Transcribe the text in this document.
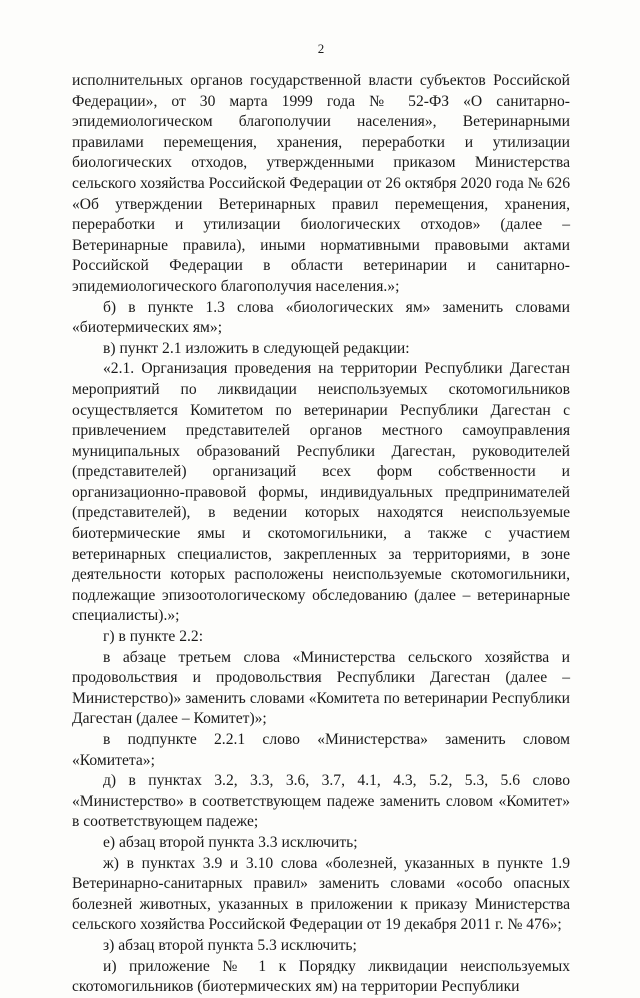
2

исполнительных органов государственной власти субъектов Российской Федерации», от 30 марта 1999 года № 52-ФЗ «О санитарно-эпидемиологическом благополучии населения», Ветеринарными правилами перемещения, хранения, переработки и утилизации биологических отходов, утвержденными приказом Министерства сельского хозяйства Российской Федерации от 26 октября 2020 года № 626 «Об утверждении Ветеринарных правил перемещения, хранения, переработки и утилизации биологических отходов» (далее – Ветеринарные правила), иными нормативными правовыми актами Российской Федерации в области ветеринарии и санитарно-эпидемиологического благополучия населения.»;

б) в пункте 1.3 слова «биологических ям» заменить словами «биотермических ям»;

в) пункт 2.1 изложить в следующей редакции:

«2.1. Организация проведения на территории Республики Дагестан мероприятий по ликвидации неиспользуемых скотомогильников осуществляется Комитетом по ветеринарии Республики Дагестан с привлечением представителей органов местного самоуправления муниципальных образований Республики Дагестан, руководителей (представителей) организаций всех форм собственности и организационно-правовой формы, индивидуальных предпринимателей (представителей), в ведении которых находятся неиспользуемые биотермические ямы и скотомогильники, а также с участием ветеринарных специалистов, закрепленных за территориями, в зоне деятельности которых расположены неиспользуемые скотомогильники, подлежащие эпизоотологическому обследованию (далее – ветеринарные специалисты).»;

г) в пункте 2.2:

в абзаце третьем слова «Министерства сельского хозяйства и продовольствия и продовольствия Республики Дагестан (далее – Министерство)» заменить словами «Комитета по ветеринарии Республики Дагестан (далее – Комитет)»;

в подпункте 2.2.1 слово «Министерства» заменить словом «Комитета»;

д) в пунктах 3.2, 3.3, 3.6, 3.7, 4.1, 4.3, 5.2, 5.3, 5.6 слово «Министерство» в соответствующем падеже заменить словом «Комитет» в соответствующем падеже;

е) абзац второй пункта 3.3 исключить;

ж) в пунктах 3.9 и 3.10 слова «болезней, указанных в пункте 1.9 Ветеринарно-санитарных правил» заменить словами «особо опасных болезней животных, указанных в приложении к приказу Министерства сельского хозяйства Российской Федерации от 19 декабря 2011 г. № 476»;

з) абзац второй пункта 5.3 исключить;

и) приложение № 1 к Порядку ликвидации неиспользуемых скотомогильников (биотермических ям) на территории Республики
